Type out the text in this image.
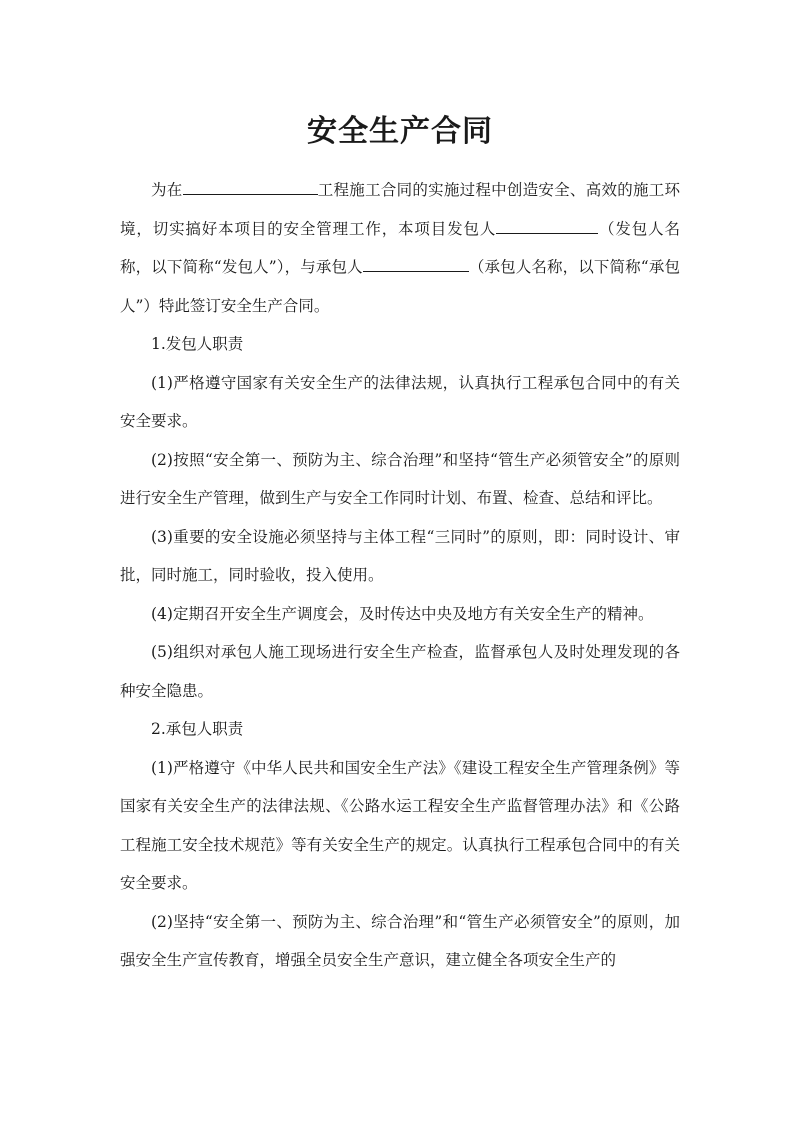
安全生产合同

为在	工程施工合同的实施过程中创造安全、高效的施工环境，切实搞好本项目的安全管理工作，本项目发包人	（发包人名称，以下简称“发包人”），与承包人	（承包人名称，以下简称“承包人”）特此签订安全生产合同。

1.发包人职责

(1)严格遵守国家有关安全生产的法律法规，认真执行工程承包合同中的有关安全要求。

(2)按照“安全第一、预防为主、综合治理”和坚持“管生产必须管安全”的原则进行安全生产管理，做到生产与安全工作同时计划、布置、检查、总结和评比。

(3)重要的安全设施必须坚持与主体工程“三同时”的原则，即：同时设计、审批，同时施工，同时验收，投入使用。

(4)定期召开安全生产调度会，及时传达中央及地方有关安全生产的精神。

(5)组织对承包人施工现场进行安全生产检查，监督承包人及时处理发现的各种安全隐患。

2.承包人职责

(1)严格遵守《中华人民共和国安全生产法》《建设工程安全生产管理条例》等国家有关安全生产的法律法规、《公路水运工程安全生产监督管理办法》和《公路工程施工安全技术规范》等有关安全生产的规定。认真执行工程承包合同中的有关安全要求。

(2)坚持“安全第一、预防为主、综合治理”和“管生产必须管安全”的原则，加强安全生产宣传教育，增强全员安全生产意识，建立健全各项安全生产的
